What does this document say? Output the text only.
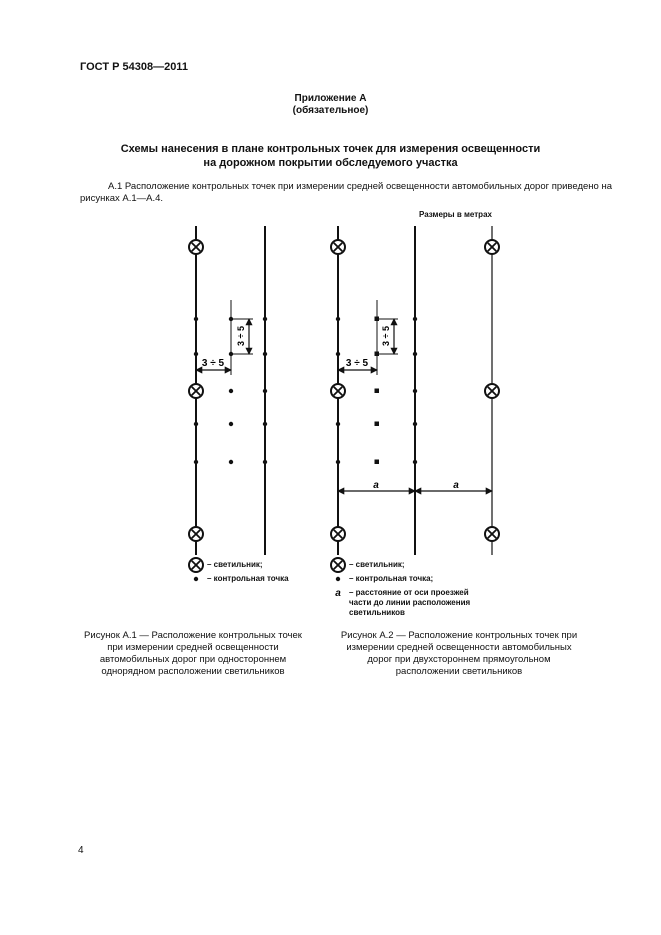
ГОСТ Р 54308—2011
Приложение А
(обязательное)
Схемы нанесения в плане контрольных точек для измерения освещенности
на дорожном покрытии обследуемого участка
А.1 Расположение контрольных точек при измерении средней освещенности автомобильных дорог приведено на рисунках А.1—А.4.
Размеры в метрах
3 ÷ 5
3 ÷ 5
3 ÷ 5
3 ÷ 5
a	a
a
– светильник;
– контрольная точка
– светильник;
– контрольная точка;
– расстояние от оси проезжей части до линии расположения светильников
Рисунок А.1 — Расположение контрольных точек при измерении средней освещенности автомобильных дорог при одностороннем однорядном расположении светильников
Рисунок А.2 — Расположение контрольных точек при измерении средней освещенности автомобильных дорог при двухстороннем прямоугольном расположении светильников
4
